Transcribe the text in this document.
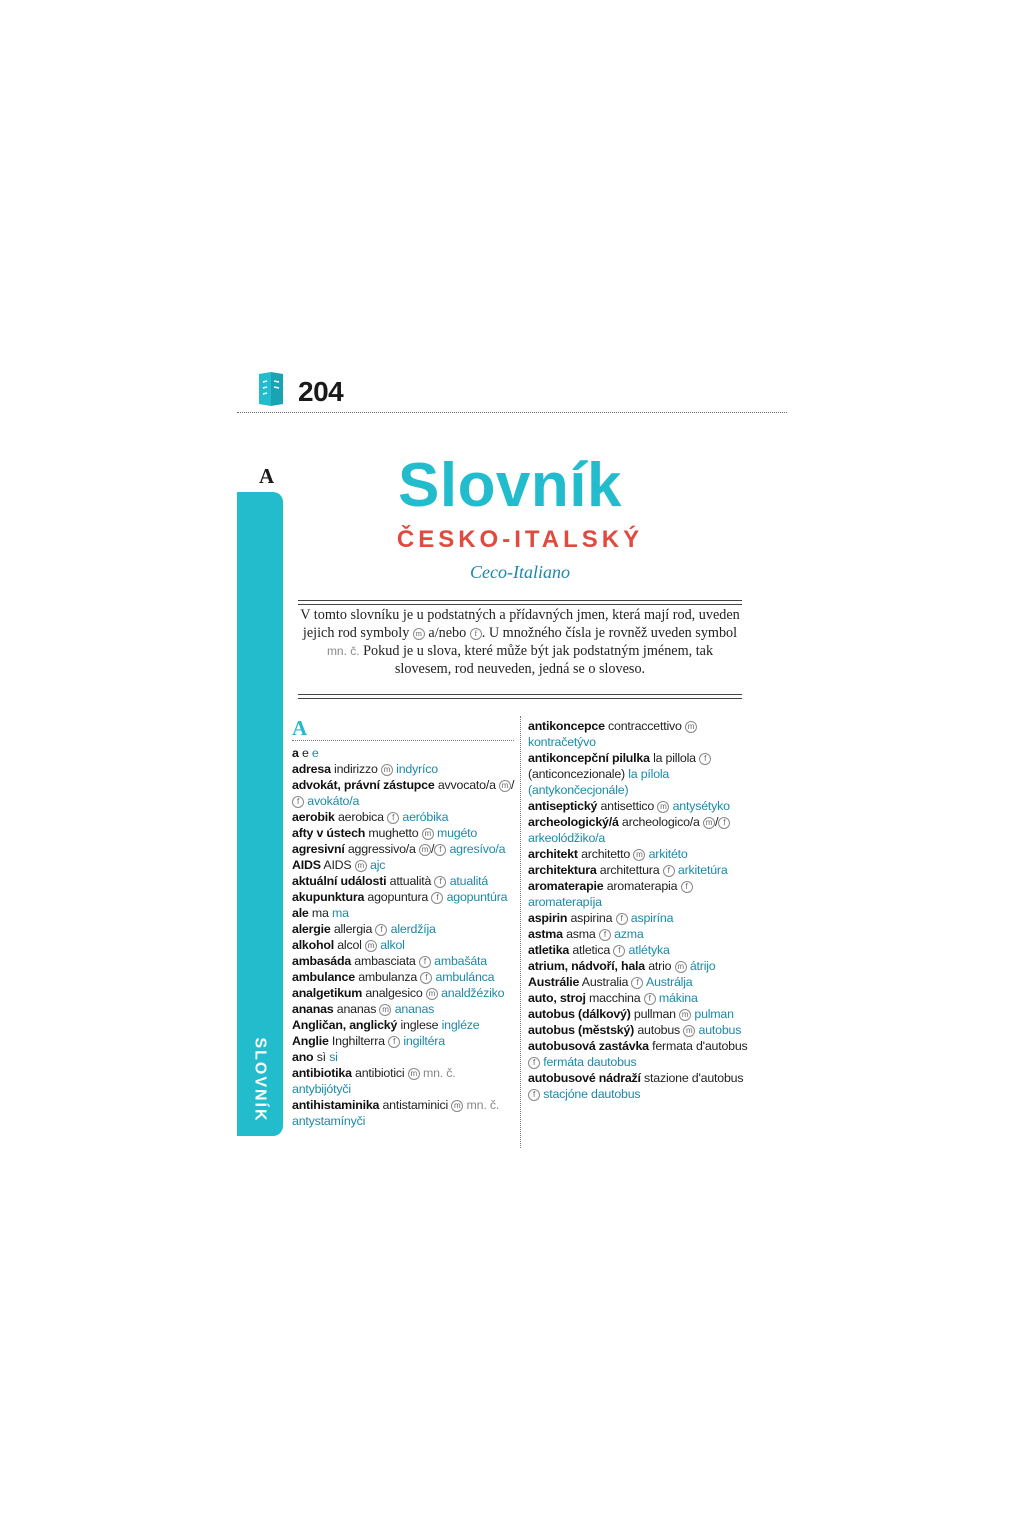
204
A
SLOVNÍK
Slovník
ČESKO-ITALSKÝ
Ceco-Italiano
V tomto slovníku je u podstatných a přídavných jmen, která mají rod, uveden jejich rod symboly m a/nebo f . U množného čísla je rovněž uveden symbol mn. č. Pokud je u slova, které může být jak podstatným jménem, tak slovesem, rod neuveden, jedná se o sloveso.
A
a e e
adresa indirizzo m indyríco
advokát, právní zástupce avvocato/a m /f avokáto/a
aerobik aerobica f aeróbika
afty v ústech mughetto m mugéto
agresivní aggressivo/a m / f agresívo/a
AIDS AIDS m ajc
aktuální události attualità f atualitá
akupunktura agopuntura f agopuntúra
ale ma ma
alergie allergia f alerdžíja
alkohol alcol m alkol
ambasáda ambasciata f ambašáta
ambulance ambulanza f ambulánca
analgetikum analgesico m analdžéziko
ananas ananas m ananas
Angličan, anglický inglese ingléze
Anglie Inghilterra f ingiltéra
ano sì si
antibiotika antibiotici m mn. č. antybijótyči
antihistaminika antistaminici m mn. č. antystamínyči
antikoncepce contraccettivo m kontračetývo
antikoncepční pilulka la pillola f (anticoncezionale) la pílola (antykončecjonále)
antiseptický antisettico m antysétyko
archeologický/á archeologico/a m / f arkeolódžiko/a
architekt architetto m arkitéto
architektura architettura f arkitetúra
aromaterapie aromaterapia f aromaterapíja
aspirin aspirina f aspirína
astma asma f azma
atletika atletica f atlétyka
atrium, nádvoří, hala atrio m átrijo
Austrálie Australia f Austrálja
auto, stroj macchina f mákina
autobus (dálkový) pullman m pulman
autobus (městský) autobus m autobus
autobusová zastávka fermata d'autobus f fermáta dautobus
autobusové nádraží stazione d'autobus f stacjóne dautobus
